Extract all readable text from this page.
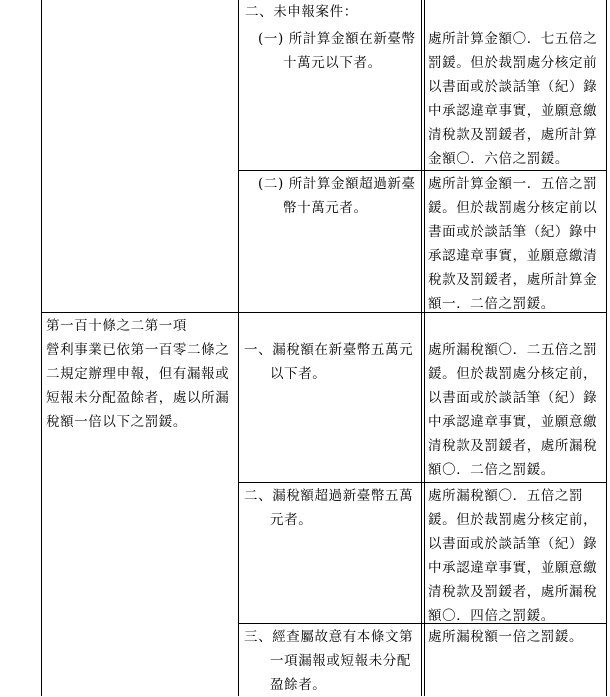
二、未申報案件：
(一) 所計算金額在新臺幣
十萬元以下者。
(二) 所計算金額超過新臺
幣十萬元者。
處所計算金額〇．七五倍之
罰鍰。但於裁罰處分核定前
以書面或於談話筆（紀）錄
中承認違章事實，並願意繳
清稅款及罰鍰者，處所計算
金額〇．六倍之罰鍰。
處所計算金額一．五倍之罰
鍰。但於裁罰處分核定前以
書面或於談話筆（紀）錄中
承認違章事實，並願意繳清
稅款及罰鍰者，處所計算金
額一．二倍之罰鍰。
第一百十條之二第一項
營利事業已依第一百零二條之
二規定辦理申報，但有漏報或
短報未分配盈餘者，處以所漏
稅額一倍以下之罰鍰。
一、漏稅額在新臺幣五萬元
以下者。
二、漏稅額超過新臺幣五萬
元者。
三、經查屬故意有本條文第
一項漏報或短報未分配
盈餘者。
處所漏稅額〇．二五倍之罰
鍰。但於裁罰處分核定前，
以書面或於談話筆（紀）錄
中承認違章事實，並願意繳
清稅款及罰鍰者，處所漏稅
額〇．二倍之罰鍰。
處所漏稅額〇．五倍之罰
鍰。但於裁罰處分核定前，
以書面或於談話筆（紀）錄
中承認違章事實，並願意繳
清稅款及罰鍰者，處所漏稅
額〇．四倍之罰鍰。
處所漏稅額一倍之罰鍰。
